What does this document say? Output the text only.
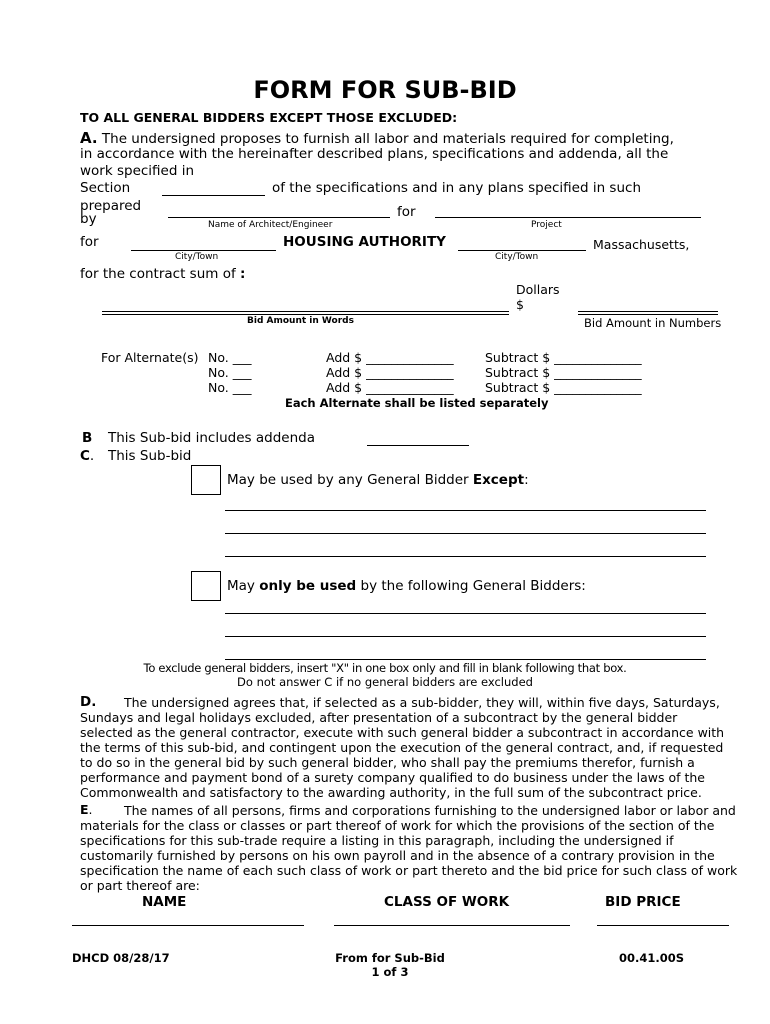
FORM FOR SUB-BID
TO ALL GENERAL BIDDERS EXCEPT THOSE EXCLUDED:
A. The undersigned proposes to furnish all labor and materials required for completing,
in accordance with the hereinafter described plans, specifications and addenda, all the
work specified in
Section	of the specifications and in any plans specified in such
prepared
by	for
Name of Architect/Engineer	Project
for	HOUSING AUTHORITY	Massachusetts,
City/Town	City/Town
for the contract sum of :
Dollars
$
Bid Amount in Words	Bid Amount in Numbers
For Alternate(s) No. ___	Add $ ______________	Subtract $ ______________
No. ___	Add $ ______________	Subtract $ ______________
No. ___	Add $ ______________	Subtract $ ______________
Each Alternate shall be listed separately
B This Sub-bid includes addenda
C. This Sub-bid
May be used by any General Bidder Except:
May only be used by the following General Bidders:
To exclude general bidders, insert "X" in one box only and fill in blank following that box.
Do not answer C if no general bidders are excluded
D. The undersigned agrees that, if selected as a sub-bidder, they will, within five days, Saturdays,
Sundays and legal holidays excluded, after presentation of a subcontract by the general bidder
selected as the general contractor, execute with such general bidder a subcontract in accordance with
the terms of this sub-bid, and contingent upon the execution of the general contract, and, if requested
to do so in the general bid by such general bidder, who shall pay the premiums therefor, furnish a
performance and payment bond of a surety company qualified to do business under the laws of the
Commonwealth and satisfactory to the awarding authority, in the full sum of the subcontract price.
E.	The names of all persons, firms and corporations furnishing to the undersigned labor or labor and
materials for the class or classes or part thereof of work for which the provisions of the section of the
specifications for this sub-trade require a listing in this paragraph, including the undersigned if
customarily furnished by persons on his own payroll and in the absence of a contrary provision in the
specification the name of each such class of work or part thereto and the bid price for such class of work
or part thereof are:
NAME	CLASS OF WORK	BID PRICE
DHCD 08/28/17	From for Sub-Bid
1 of 3
00.41.00S
